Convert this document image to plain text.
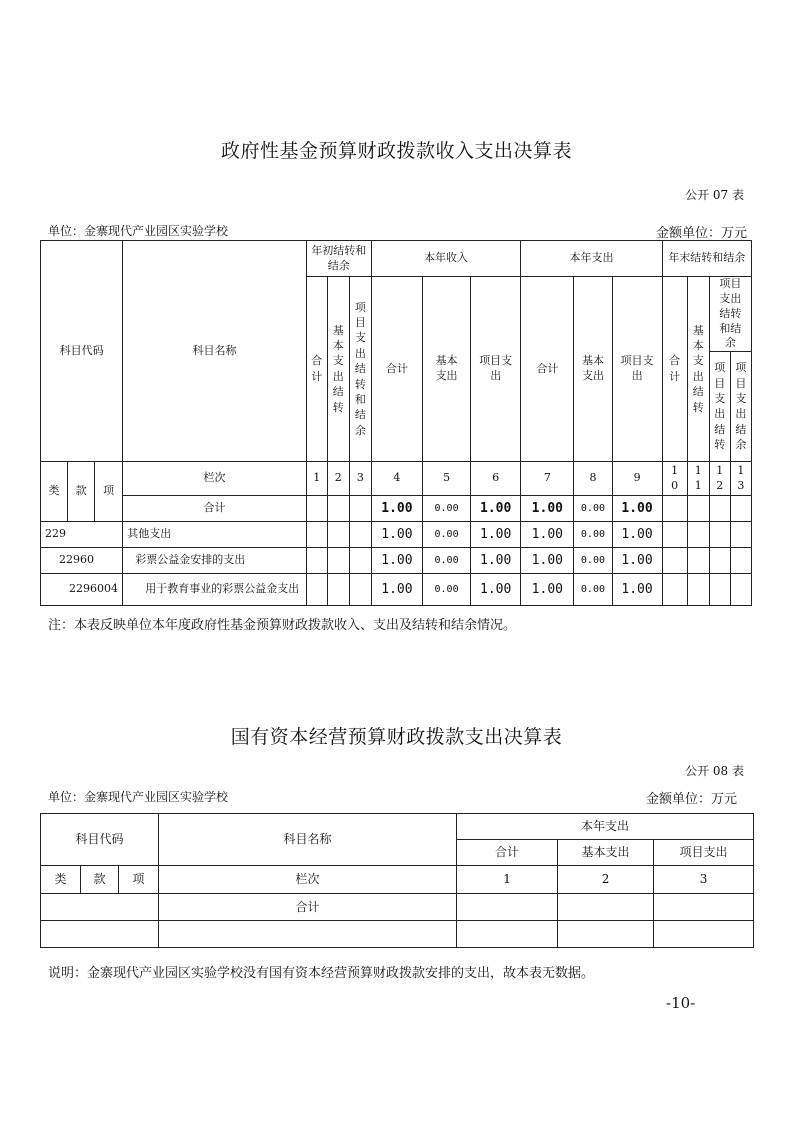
政府性基金预算财政拨款收入支出决算表
公开 07 表
单位：金寨现代产业园区实验学校	金额单位：万元
科目代码			科目名称	年初结转和结余			本年收入			本年支出			年末结转和结余			
				合计	基本支出结转	项目支出结转和结余	合计	基本支出	项目支出	合计	基本支出	项目支出	合计	基本支出结转	项目支出结转和结余	
															项目支出结转	项目支出结余

类	款	项	栏次	1	2	3	4	5	6	7	8	9	10	11	12	13
			合计				1.00	0.00	1.00	1.00	0.00	1.00				
229			其他支出				1.00	0.00	1.00	1.00	0.00	1.00				
22960			彩票公益金安排的支出				1.00	0.00	1.00	1.00	0.00	1.00				
2296004			用于教育事业的彩票公益金支出				1.00	0.00	1.00	1.00	0.00	1.00				
注：本表反映单位本年度政府性基金预算财政拨款收入、支出及结转和结余情况。
国有资本经营预算财政拨款支出决算表
公开 08 表
单位：金寨现代产业园区实验学校	金额单位：万元
科目代码			科目名称	本年支出		
				合计	基本支出	项目支出
类	款	项	栏次	1	2	3
			合计			

说明：金寨现代产业园区实验学校没有国有资本经营预算财政拨款安排的支出，故本表无数据。
-10-
